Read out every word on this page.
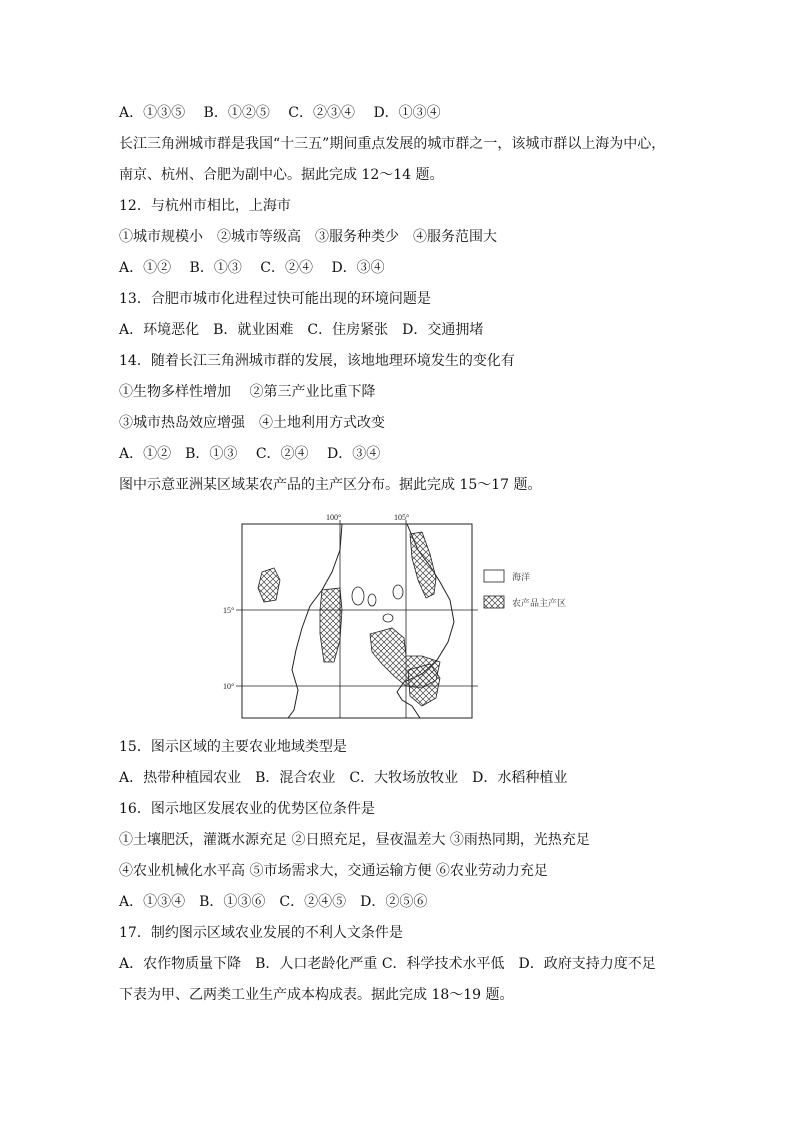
A．①③⑤　 B．①②⑤　 C．②③④　 D．①③④
长江三角洲城市群是我国“十三五”期间重点发展的城市群之一，该城市群以上海为中心，
南京、杭州、合肥为副中心。据此完成 12～14 题。
12．与杭州市相比，上海市
①城市规模小　②城市等级高　③服务种类少　④服务范围大
A．①②　 B．①③　 C．②④　 D．③④
13．合肥市城市化进程过快可能出现的环境问题是
A．环境恶化　B．就业困难　C．住房紧张　D．交通拥堵
14．随着长江三角洲城市群的发展，该地地理环境发生的变化有
①生物多样性增加　 ②第三产业比重下降
③城市热岛效应增强　④土地利用方式改变
A．①②　B．①③　 C．②④　 D．③④
图中示意亚洲某区域某农产品的主产区分布。据此完成 15～17 题。
100°	105°
15°
10°
海洋
农产品主产区
15．图示区域的主要农业地域类型是
A．热带种植园农业　B．混合农业　C．大牧场放牧业　D．水稻种植业
16．图示地区发展农业的优势区位条件是
①土壤肥沃，灌溉水源充足 ②日照充足，昼夜温差大 ③雨热同期，光热充足
④农业机械化水平高 ⑤市场需求大，交通运输方便 ⑥农业劳动力充足
A．①③④　B．①③⑥　C．②④⑤　D．②⑤⑥
17．制约图示区域农业发展的不利人文条件是
A．农作物质量下降　B．人口老龄化严重 C．科学技术水平低　D．政府支持力度不足
下表为甲、乙两类工业生产成本构成表。据此完成 18～19 题。
